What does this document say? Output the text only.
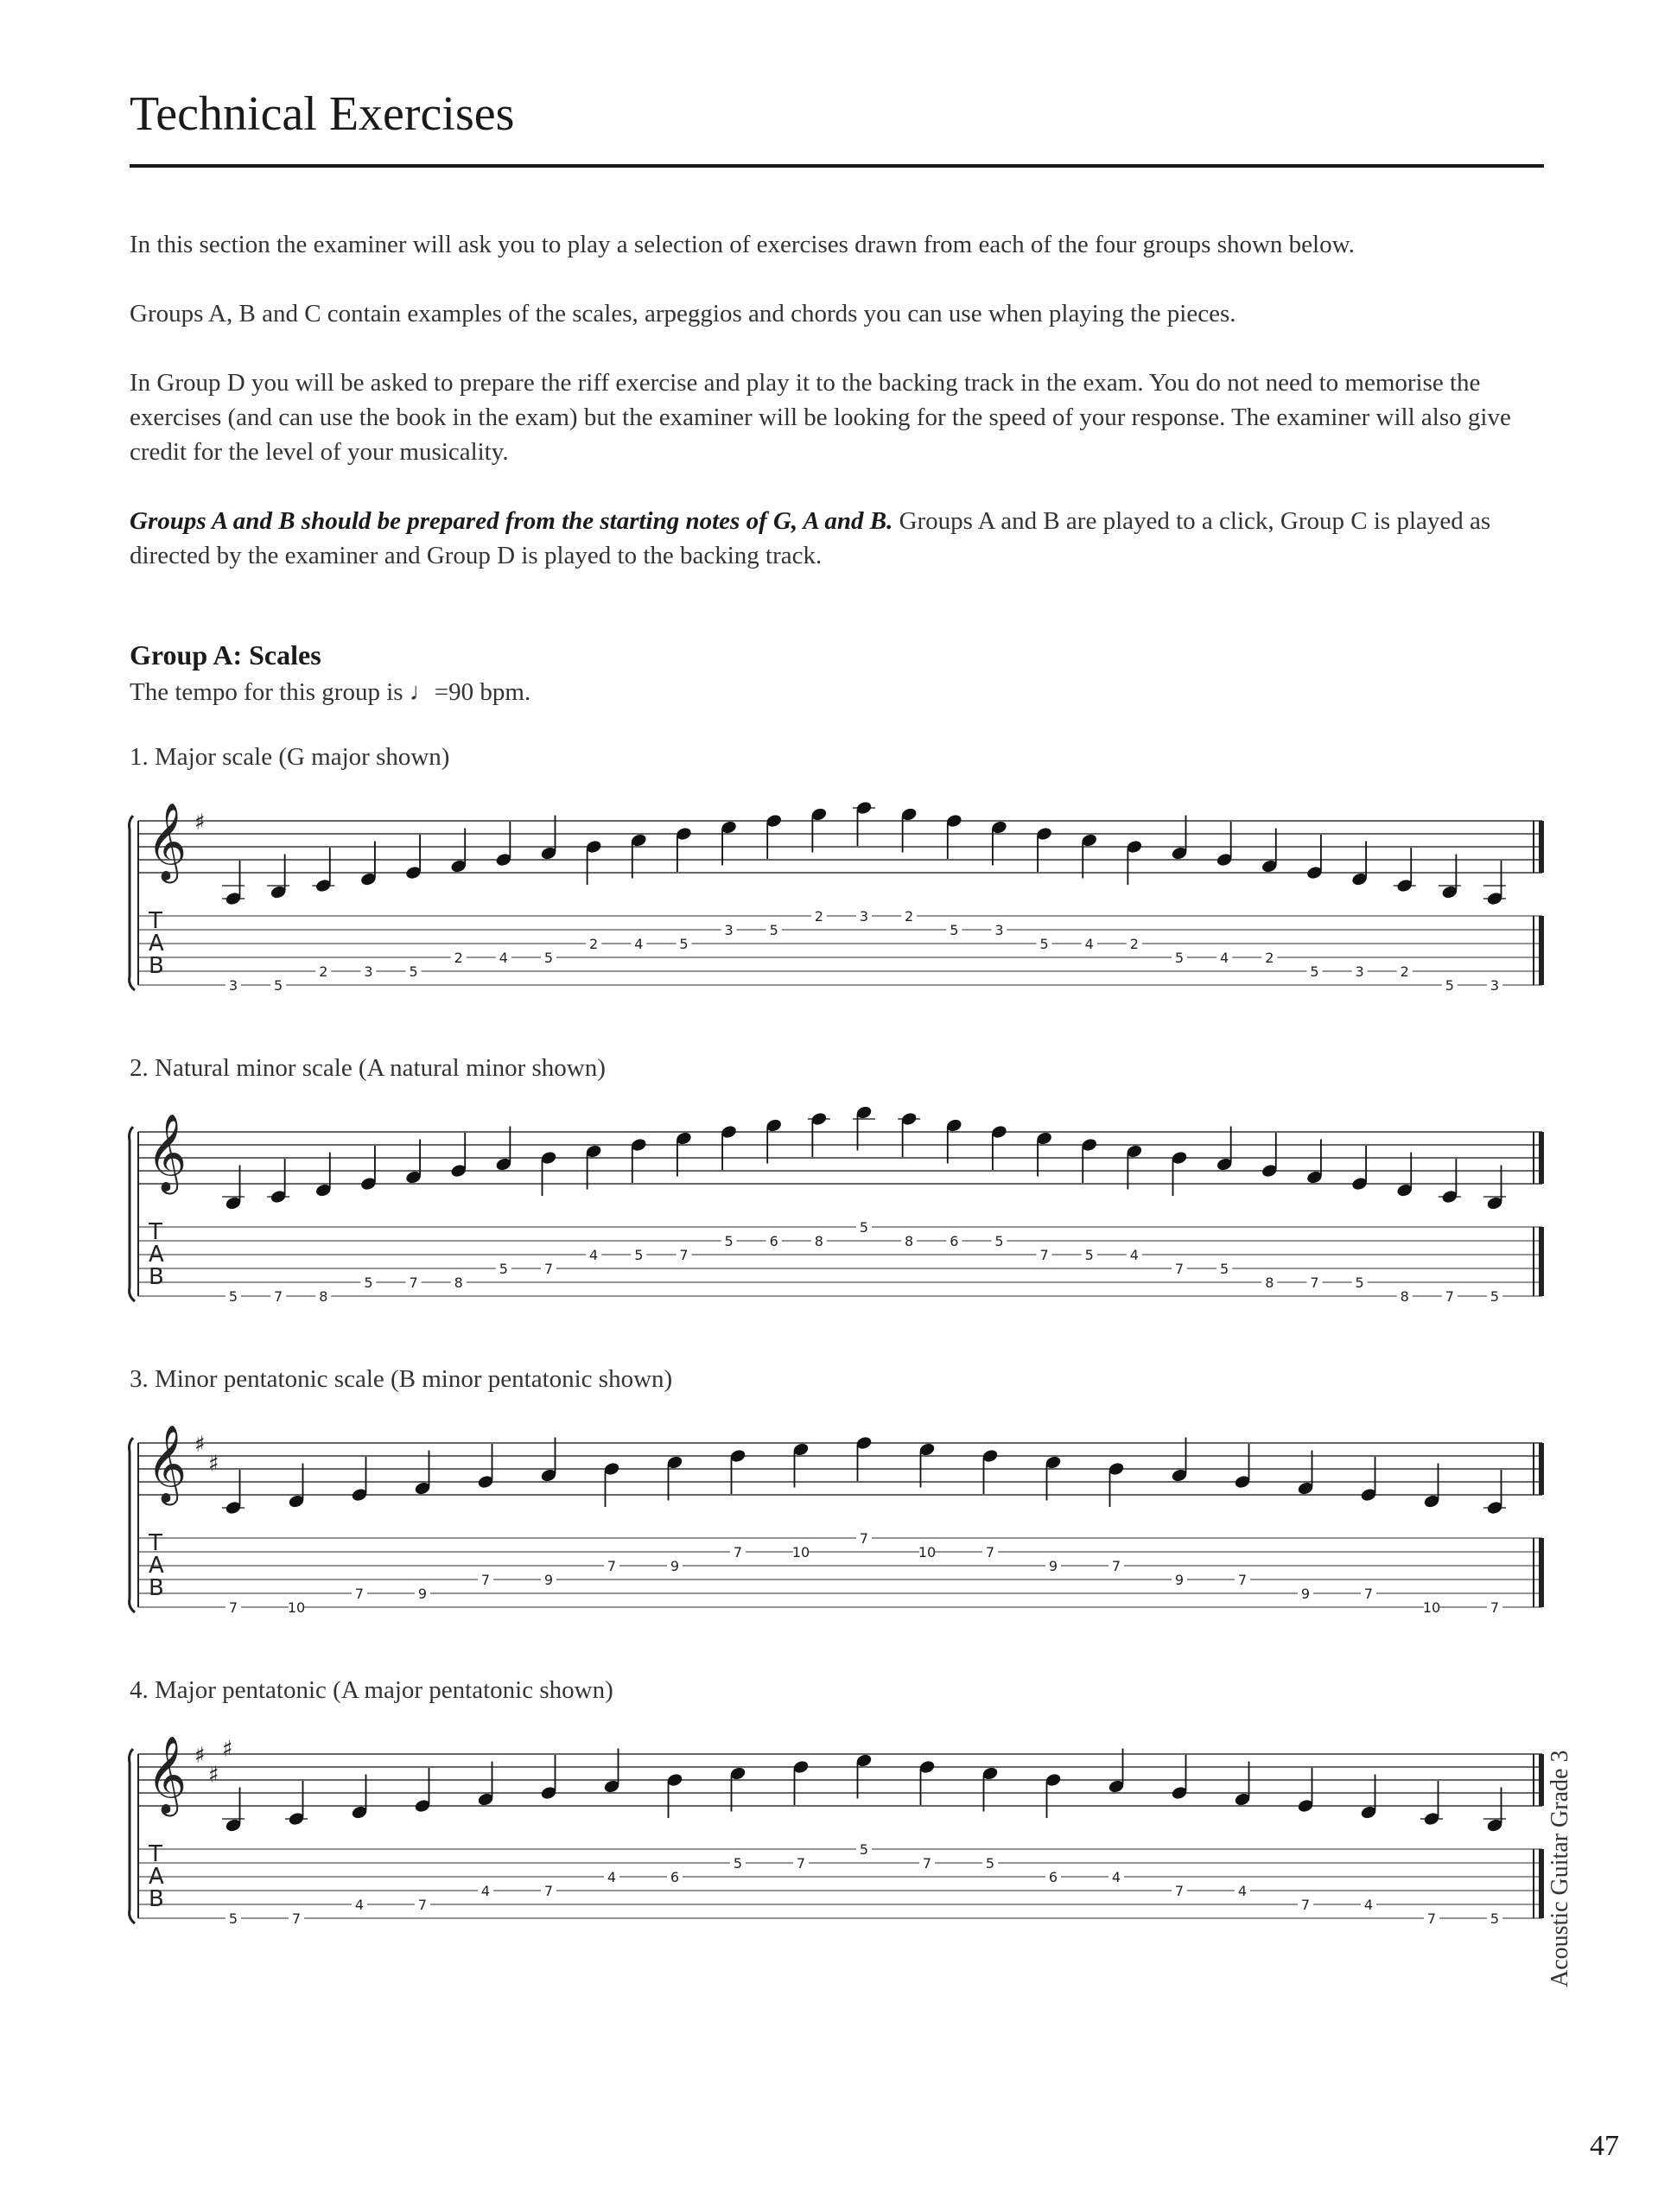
Technical Exercises
In this section the examiner will ask you to play a selection of exercises drawn from each of the four groups shown below.
Groups A, B and C contain examples of the scales, arpeggios and chords you can use when playing the pieces.
In Group D you will be asked to prepare the riff exercise and play it to the backing track in the exam. You do not need to memorise the exercises (and can use the book in the exam) but the examiner will be looking for the speed of your response. The examiner will also give credit for the level of your musicality.
Groups A and B should be prepared from the starting notes of G, A and B. Groups A and B are played to a click, Group C is played as directed by the examiner and Group D is played to the backing track.
Group A: Scales
The tempo for this group is ♩=90 bpm.
1. Major scale (G major shown)
𝄞 ♯
T
A
B
3	5
2	3	5
2	4	5
2	4	5
3	5
2	3	2
5	3
5	4	2
5	4	2
5	3	2
5	3
2. Natural minor scale (A natural minor shown)
𝄞
T
A
B
5	7	8
5	7	8
5	7
4	5	7
5	6	8
5
8	6	5
7	5	4
7	5
8	7	5
8	7	5
3. Minor pentatonic scale (B minor pentatonic shown)
𝄞 ♯
♯
T
A
B
7	10
7	9
7	9
7	9
7	10
7
10	7
9	7
9	7
9	7
10	7
4. Major pentatonic (A major pentatonic shown)
𝄞 ♯
♯
♯
T
A
B
5	7
4	7
4	7
4	6
5	7
5
7	5
6	4
7	4
7	4
7	5 Acoustic Guitar Grade 3
47
